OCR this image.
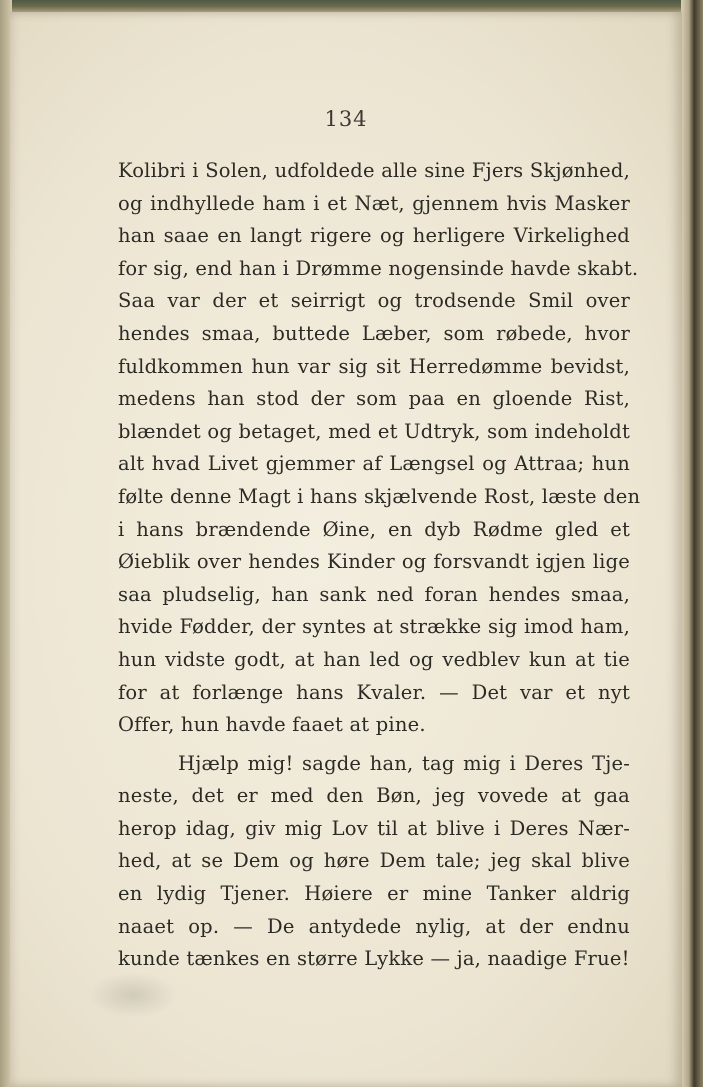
134
Kolibri i Solen, udfoldede alle sine Fjers Skjønhed,
og indhyllede ham i et Næt, gjennem hvis Masker
han saae en langt rigere og herligere Virkelighed
for sig, end han i Drømme nogensinde havde skabt.
Saa var der et seirrigt og trodsende Smil over
hendes smaa, buttede Læber, som røbede, hvor
fuldkommen hun var sig sit Herredømme bevidst,
medens han stod der som paa en gloende Rist,
blændet og betaget, med et Udtryk, som indeholdt
alt hvad Livet gjemmer af Længsel og Attraa; hun
følte denne Magt i hans skjælvende Rost, læste den
i hans brændende Øine, en dyb Rødme gled et
Øieblik over hendes Kinder og forsvandt igjen lige
saa pludselig, han sank ned foran hendes smaa,
hvide Fødder, der syntes at strække sig imod ham,
hun vidste godt, at han led og vedblev kun at tie
for at forlænge hans Kvaler. — Det var et nyt
Offer, hun havde faaet at pine.
Hjælp mig! sagde han, tag mig i Deres Tje-
neste, det er med den Bøn, jeg vovede at gaa
herop idag, giv mig Lov til at blive i Deres Nær-
hed, at se Dem og høre Dem tale; jeg skal blive
en lydig Tjener. Høiere er mine Tanker aldrig
naaet op. — De antydede nylig, at der endnu
kunde tænkes en større Lykke — ja, naadige Frue!
